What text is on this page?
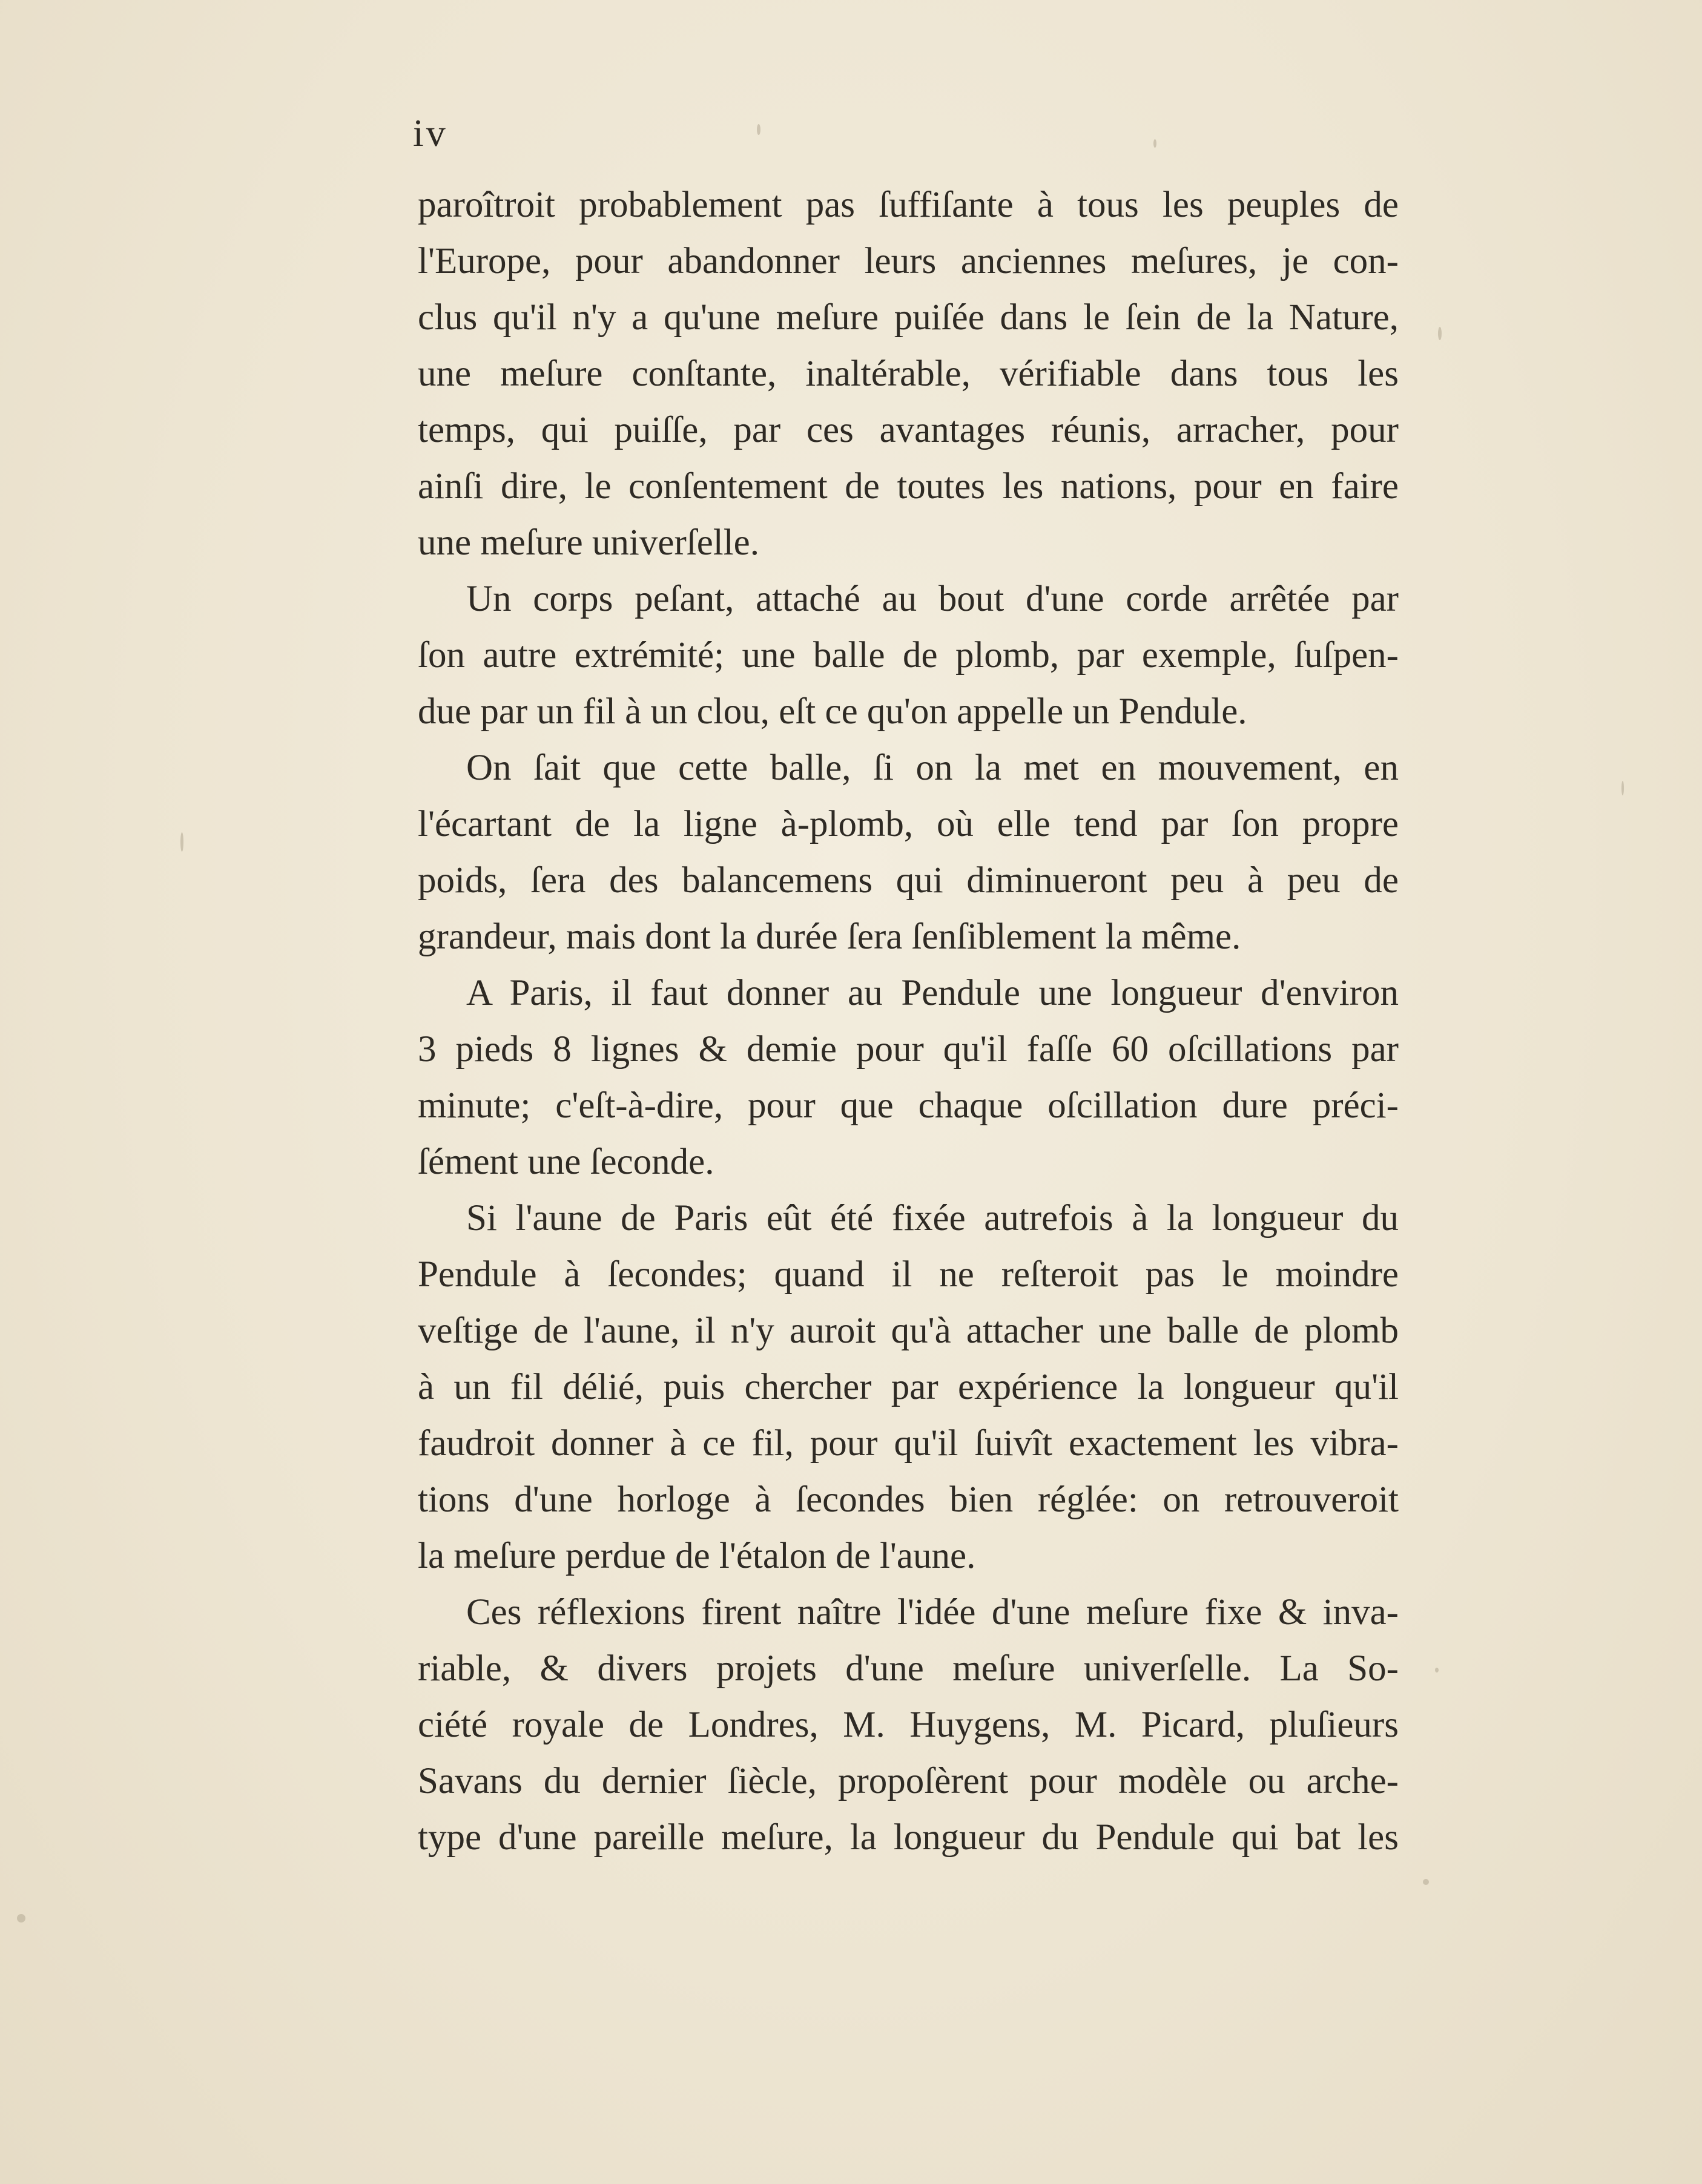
iv
paroîtroit probablement pas ſuffiſante à tous les peuples de
l'Europe, pour abandonner leurs anciennes meſures, je con-
clus qu'il n'y a qu'une meſure puiſée dans le ſein de la Nature,
une meſure conſtante, inaltérable, vérifiable dans tous les
temps, qui puiſſe, par ces avantages réunis, arracher, pour
ainſi dire, le conſentement de toutes les nations, pour en faire
une meſure univerſelle.
Un corps peſant, attaché au bout d'une corde arrêtée par
ſon autre extrémité; une balle de plomb, par exemple, ſuſpen-
due par un fil à un clou, eſt ce qu'on appelle un Pendule.
On ſait que cette balle, ſi on la met en mouvement, en
l'écartant de la ligne à-plomb, où elle tend par ſon propre
poids, ſera des balancemens qui diminueront peu à peu de
grandeur, mais dont la durée ſera ſenſiblement la même.
A Paris, il faut donner au Pendule une longueur d'environ
3 pieds 8 lignes & demie pour qu'il faſſe 60 oſcillations par
minute; c'eſt-à-dire, pour que chaque oſcillation dure préci-
ſément une ſeconde.
Si l'aune de Paris eût été fixée autrefois à la longueur du
Pendule à ſecondes; quand il ne reſteroit pas le moindre
veſtige de l'aune, il n'y auroit qu'à attacher une balle de plomb
à un fil délié, puis chercher par expérience la longueur qu'il
faudroit donner à ce fil, pour qu'il ſuivît exactement les vibra-
tions d'une horloge à ſecondes bien réglée: on retrouveroit
la meſure perdue de l'étalon de l'aune.
Ces réflexions firent naître l'idée d'une meſure fixe & inva-
riable, & divers projets d'une meſure univerſelle. La So-
ciété royale de Londres, M. Huygens, M. Picard, pluſieurs
Savans du dernier ſiècle, propoſèrent pour modèle ou arche-
type d'une pareille meſure, la longueur du Pendule qui bat les
